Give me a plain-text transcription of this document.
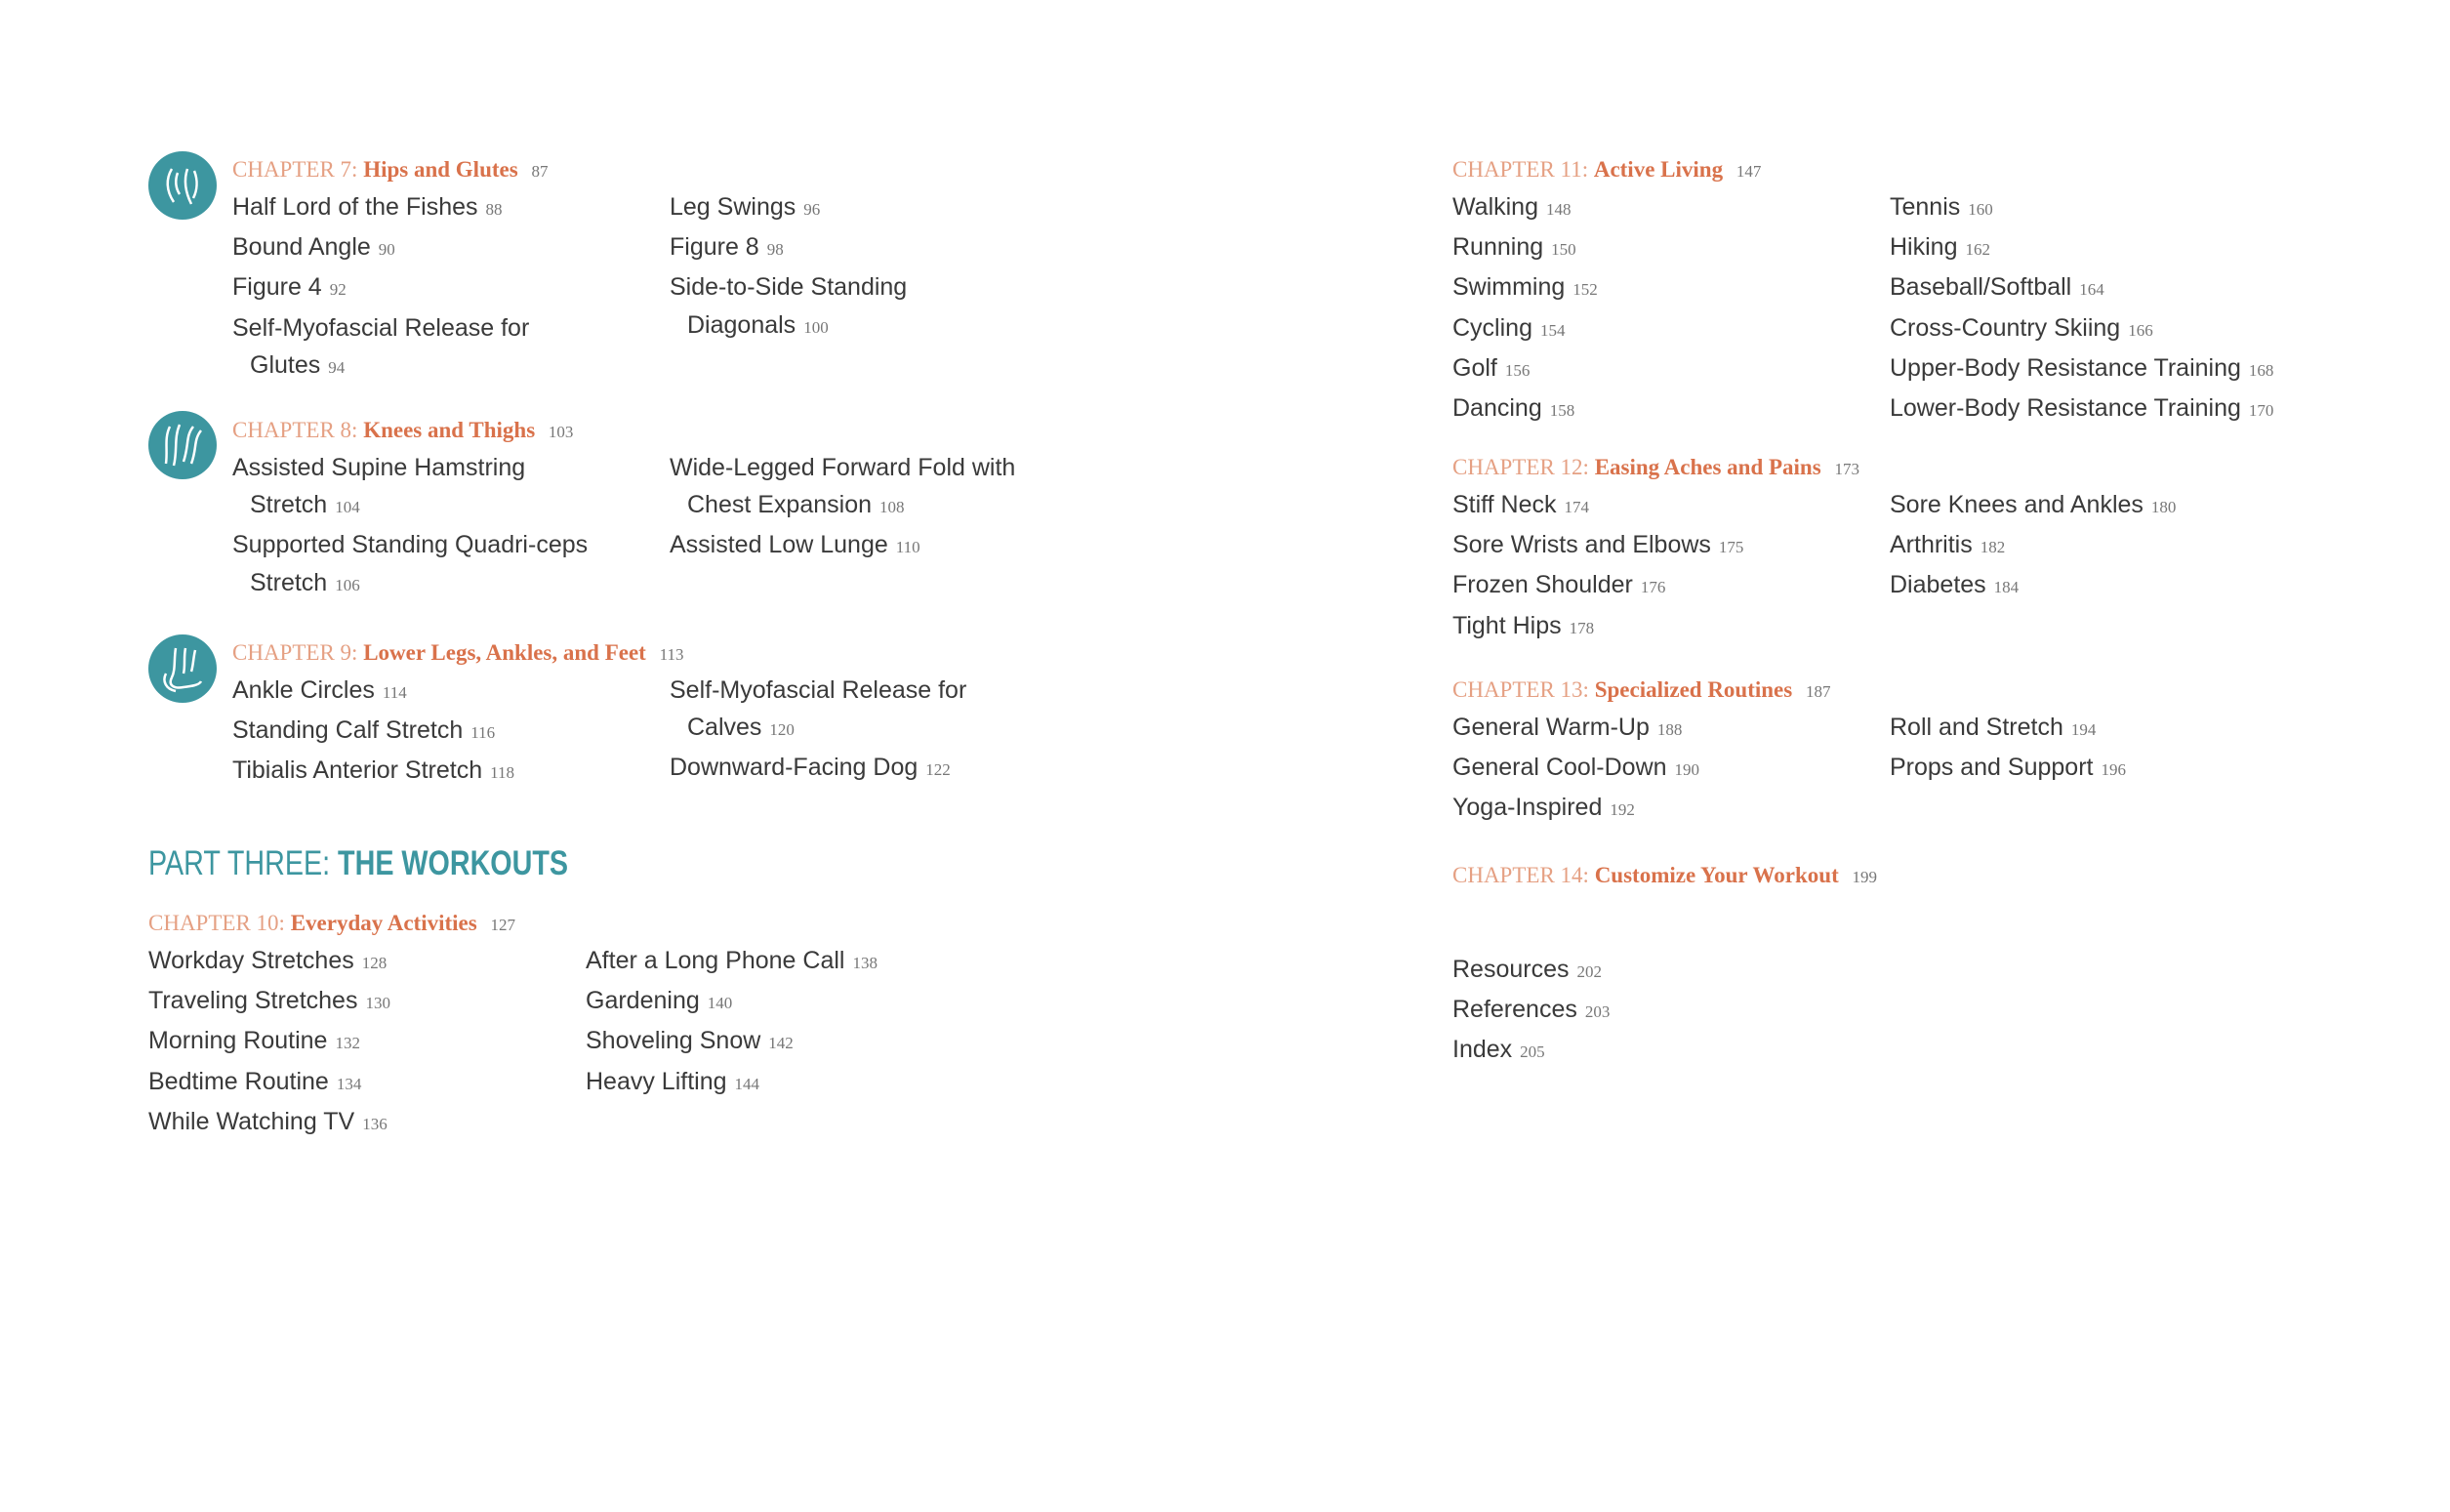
CHAPTER 7: Hips and Glutes 87
Half Lord of the Fishes 88
Bound Angle 90
Figure 4 92
Self-Myofascial Release for Glutes 94
Leg Swings 96
Figure 8 98
Side-to-Side Standing Diagonals 100
CHAPTER 8: Knees and Thighs 103
Assisted Supine Hamstring Stretch 104
Supported Standing Quadri-ceps Stretch 106
Wide-Legged Forward Fold with Chest Expansion 108
Assisted Low Lunge 110
CHAPTER 9: Lower Legs, Ankles, and Feet 113
Ankle Circles 114
Standing Calf Stretch 116
Tibialis Anterior Stretch 118
Self-Myofascial Release for Calves 120
Downward-Facing Dog 122
PART THREE: THE WORKOUTS
CHAPTER 10: Everyday Activities 127
Workday Stretches 128
Traveling Stretches 130
Morning Routine 132
Bedtime Routine 134
While Watching TV 136
After a Long Phone Call 138
Gardening 140
Shoveling Snow 142
Heavy Lifting 144
CHAPTER 11: Active Living 147
Walking 148
Running 150
Swimming 152
Cycling 154
Golf 156
Dancing 158
Tennis 160
Hiking 162
Baseball/Softball 164
Cross-Country Skiing 166
Upper-Body Resistance Training 168
Lower-Body Resistance Training 170
CHAPTER 12: Easing Aches and Pains 173
Stiff Neck 174
Sore Wrists and Elbows 175
Frozen Shoulder 176
Tight Hips 178
Sore Knees and Ankles 180
Arthritis 182
Diabetes 184
CHAPTER 13: Specialized Routines 187
General Warm-Up 188
General Cool-Down 190
Yoga-Inspired 192
Roll and Stretch 194
Props and Support 196
CHAPTER 14: Customize Your Workout 199
Resources 202
References 203
Index 205
